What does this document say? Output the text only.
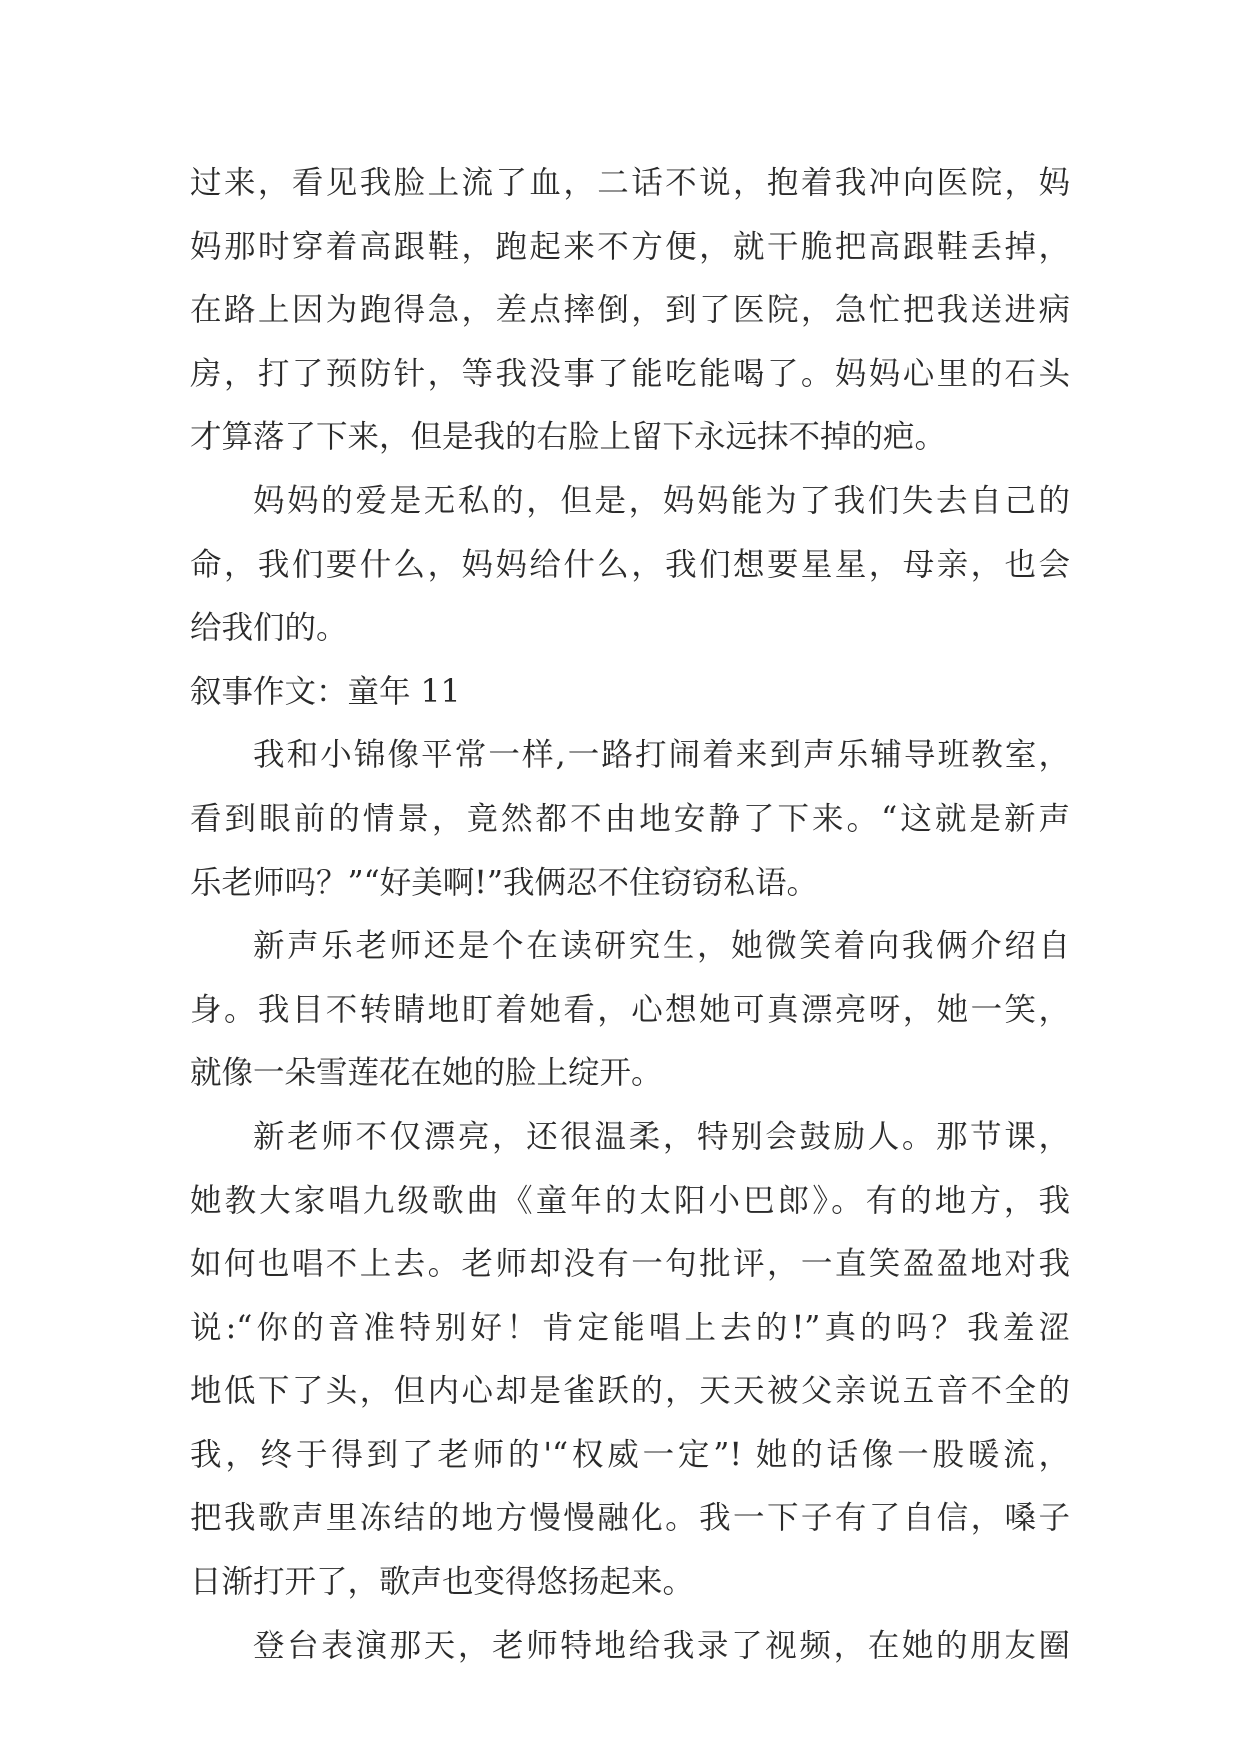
过来，看见我脸上流了血，二话不说，抱着我冲向医院，妈
妈那时穿着高跟鞋，跑起来不方便，就干脆把高跟鞋丢掉，
在路上因为跑得急，差点摔倒，到了医院，急忙把我送进病
房，打了预防针，等我没事了能吃能喝了。妈妈心里的石头
才算落了下来，但是我的右脸上留下永远抹不掉的疤。
妈妈的爱是无私的，但是，妈妈能为了我们失去自己的
命，我们要什么，妈妈给什么，我们想要星星，母亲，也会
给我们的。
叙事作文：童年 11
我和小锦像平常一样,一路打闹着来到声乐辅导班教室，
看到眼前的情景，竟然都不由地安静了下来。“这就是新声
乐老师吗？”“好美啊!”我俩忍不住窃窃私语。
新声乐老师还是个在读研究生，她微笑着向我俩介绍自
身。我目不转睛地盯着她看，心想她可真漂亮呀，她一笑，
就像一朵雪莲花在她的脸上绽开。
新老师不仅漂亮，还很温柔，特别会鼓励人。那节课，
她教大家唱九级歌曲《童年的太阳小巴郎》。有的地方，我
如何也唱不上去。老师却没有一句批评，一直笑盈盈地对我
说:“你的音准特别好！肯定能唱上去的!”真的吗？我羞涩
地低下了头，但内心却是雀跃的，天天被父亲说五音不全的
我，终于得到了老师的'“权威一定”! 她的话像一股暖流，
把我歌声里冻结的地方慢慢融化。我一下子有了自信，嗓子
日渐打开了，歌声也变得悠扬起来。
登台表演那天，老师特地给我录了视频，在她的朋友圈
